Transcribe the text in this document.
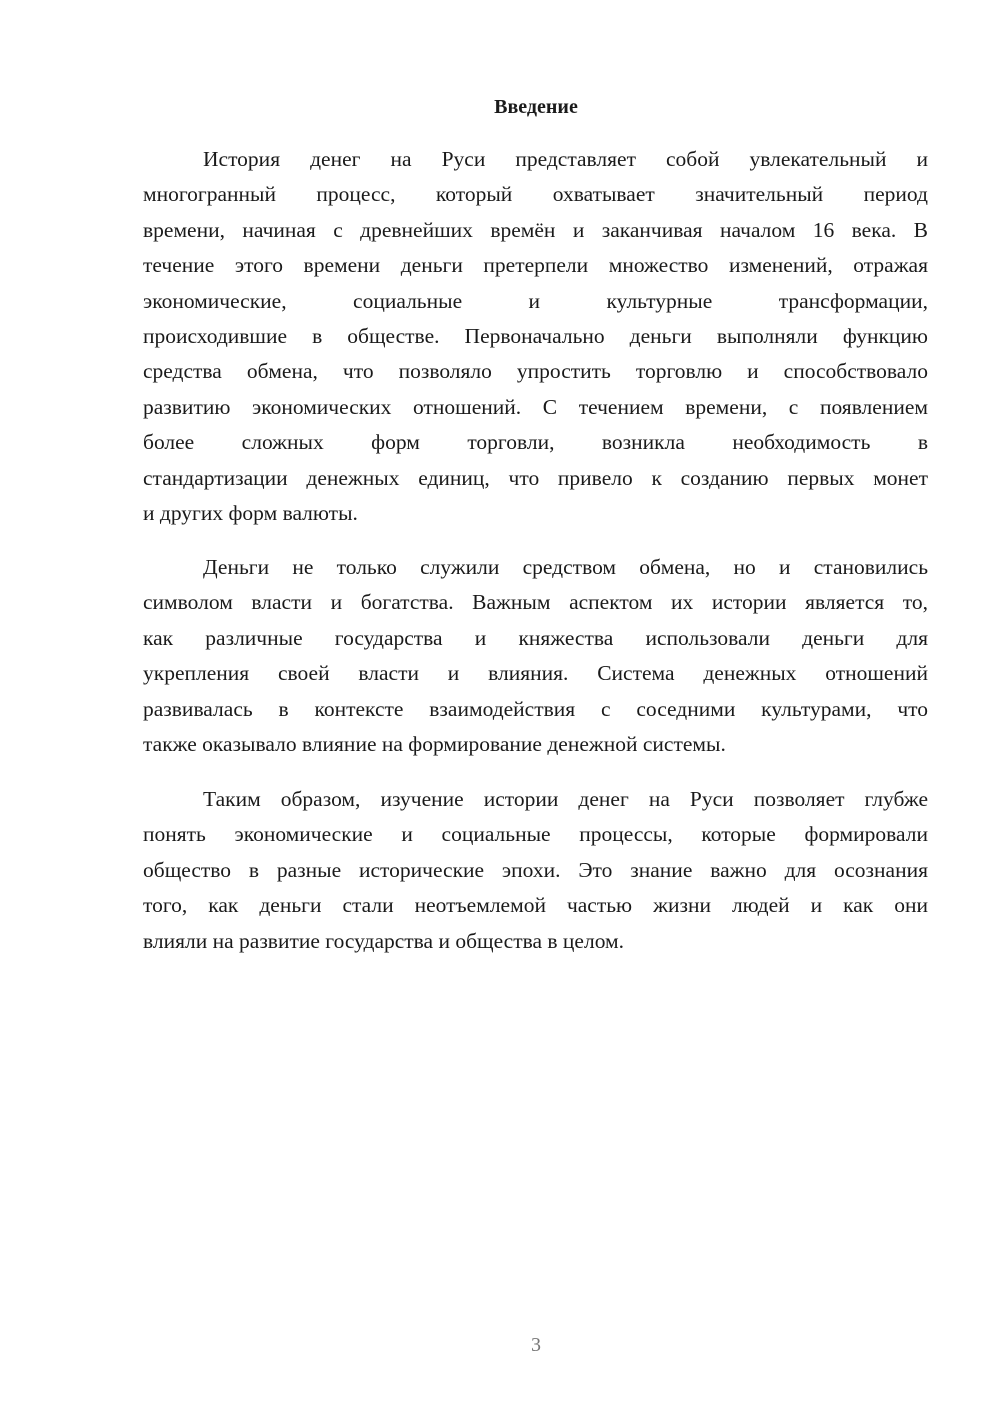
Введение
История денег на Руси представляет собой увлекательный и
многогранный процесс, который охватывает значительный период
времени, начиная с древнейших времён и заканчивая началом 16 века. В
течение этого времени деньги претерпели множество изменений, отражая
экономические, социальные и культурные трансформации,
происходившие в обществе. Первоначально деньги выполняли функцию
средства обмена, что позволяло упростить торговлю и способствовало
развитию экономических отношений. С течением времени, с появлением
более сложных форм торговли, возникла необходимость в
стандартизации денежных единиц, что привело к созданию первых монет
и других форм валюты.
Деньги не только служили средством обмена, но и становились
символом власти и богатства. Важным аспектом их истории является то,
как различные государства и княжества использовали деньги для
укрепления своей власти и влияния. Система денежных отношений
развивалась в контексте взаимодействия с соседними культурами, что
также оказывало влияние на формирование денежной системы.
Таким образом, изучение истории денег на Руси позволяет глубже
понять экономические и социальные процессы, которые формировали
общество в разные исторические эпохи. Это знание важно для осознания
того, как деньги стали неотъемлемой частью жизни людей и как они
влияли на развитие государства и общества в целом.
3
